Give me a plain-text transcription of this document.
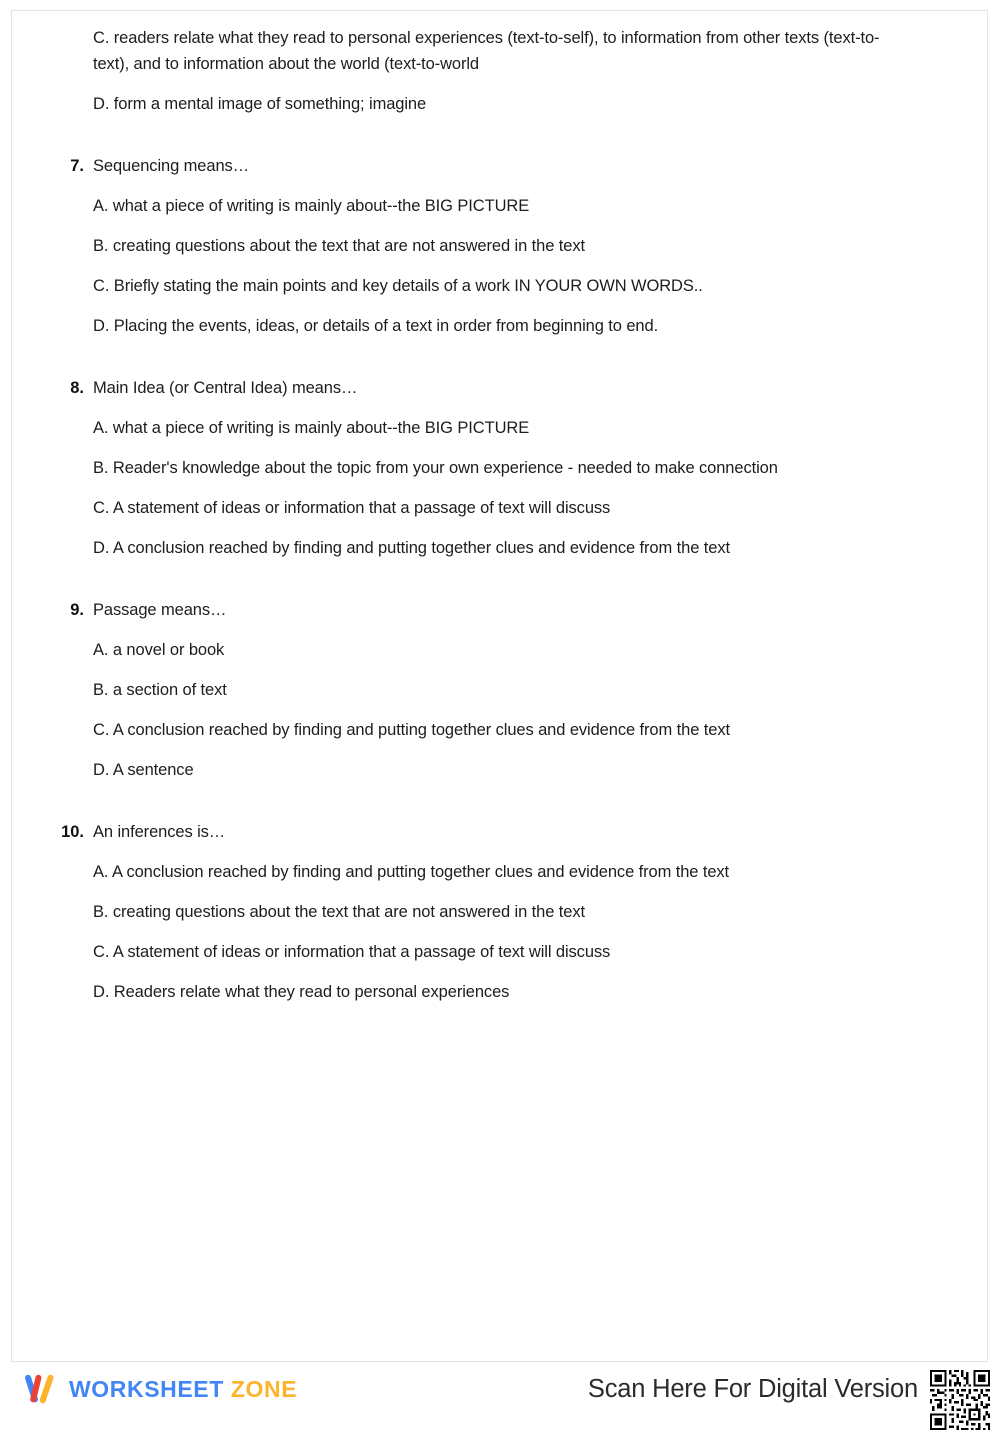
C. readers relate what they read to personal experiences (text-to-self), to information from other texts (text-to-text), and to information about the world (text-to-world
D. form a mental image of something; imagine
7. Sequencing means…
A. what a piece of writing is mainly about--the BIG PICTURE
B. creating questions about the text that are not answered in the text
C. Briefly stating the main points and key details of a work IN YOUR OWN WORDS..
D. Placing the events, ideas, or details of a text in order from beginning to end.
8. Main Idea (or Central Idea) means…
A. what a piece of writing is mainly about--the BIG PICTURE
B. Reader's knowledge about the topic from your own experience - needed to make connection
C. A statement of ideas or information that a passage of text will discuss
D. A conclusion reached by finding and putting together clues and evidence from the text
9. Passage means…
A. a novel or book
B. a section of text
C. A conclusion reached by finding and putting together clues and evidence from the text
D. A sentence
10. An inferences is…
A. A conclusion reached by finding and putting together clues and evidence from the text
B. creating questions about the text that are not answered in the text
C. A statement of ideas or information that a passage of text will discuss
D. Readers relate what they read to personal experiences
WORKSHEET ZONE	Scan Here For Digital Version
